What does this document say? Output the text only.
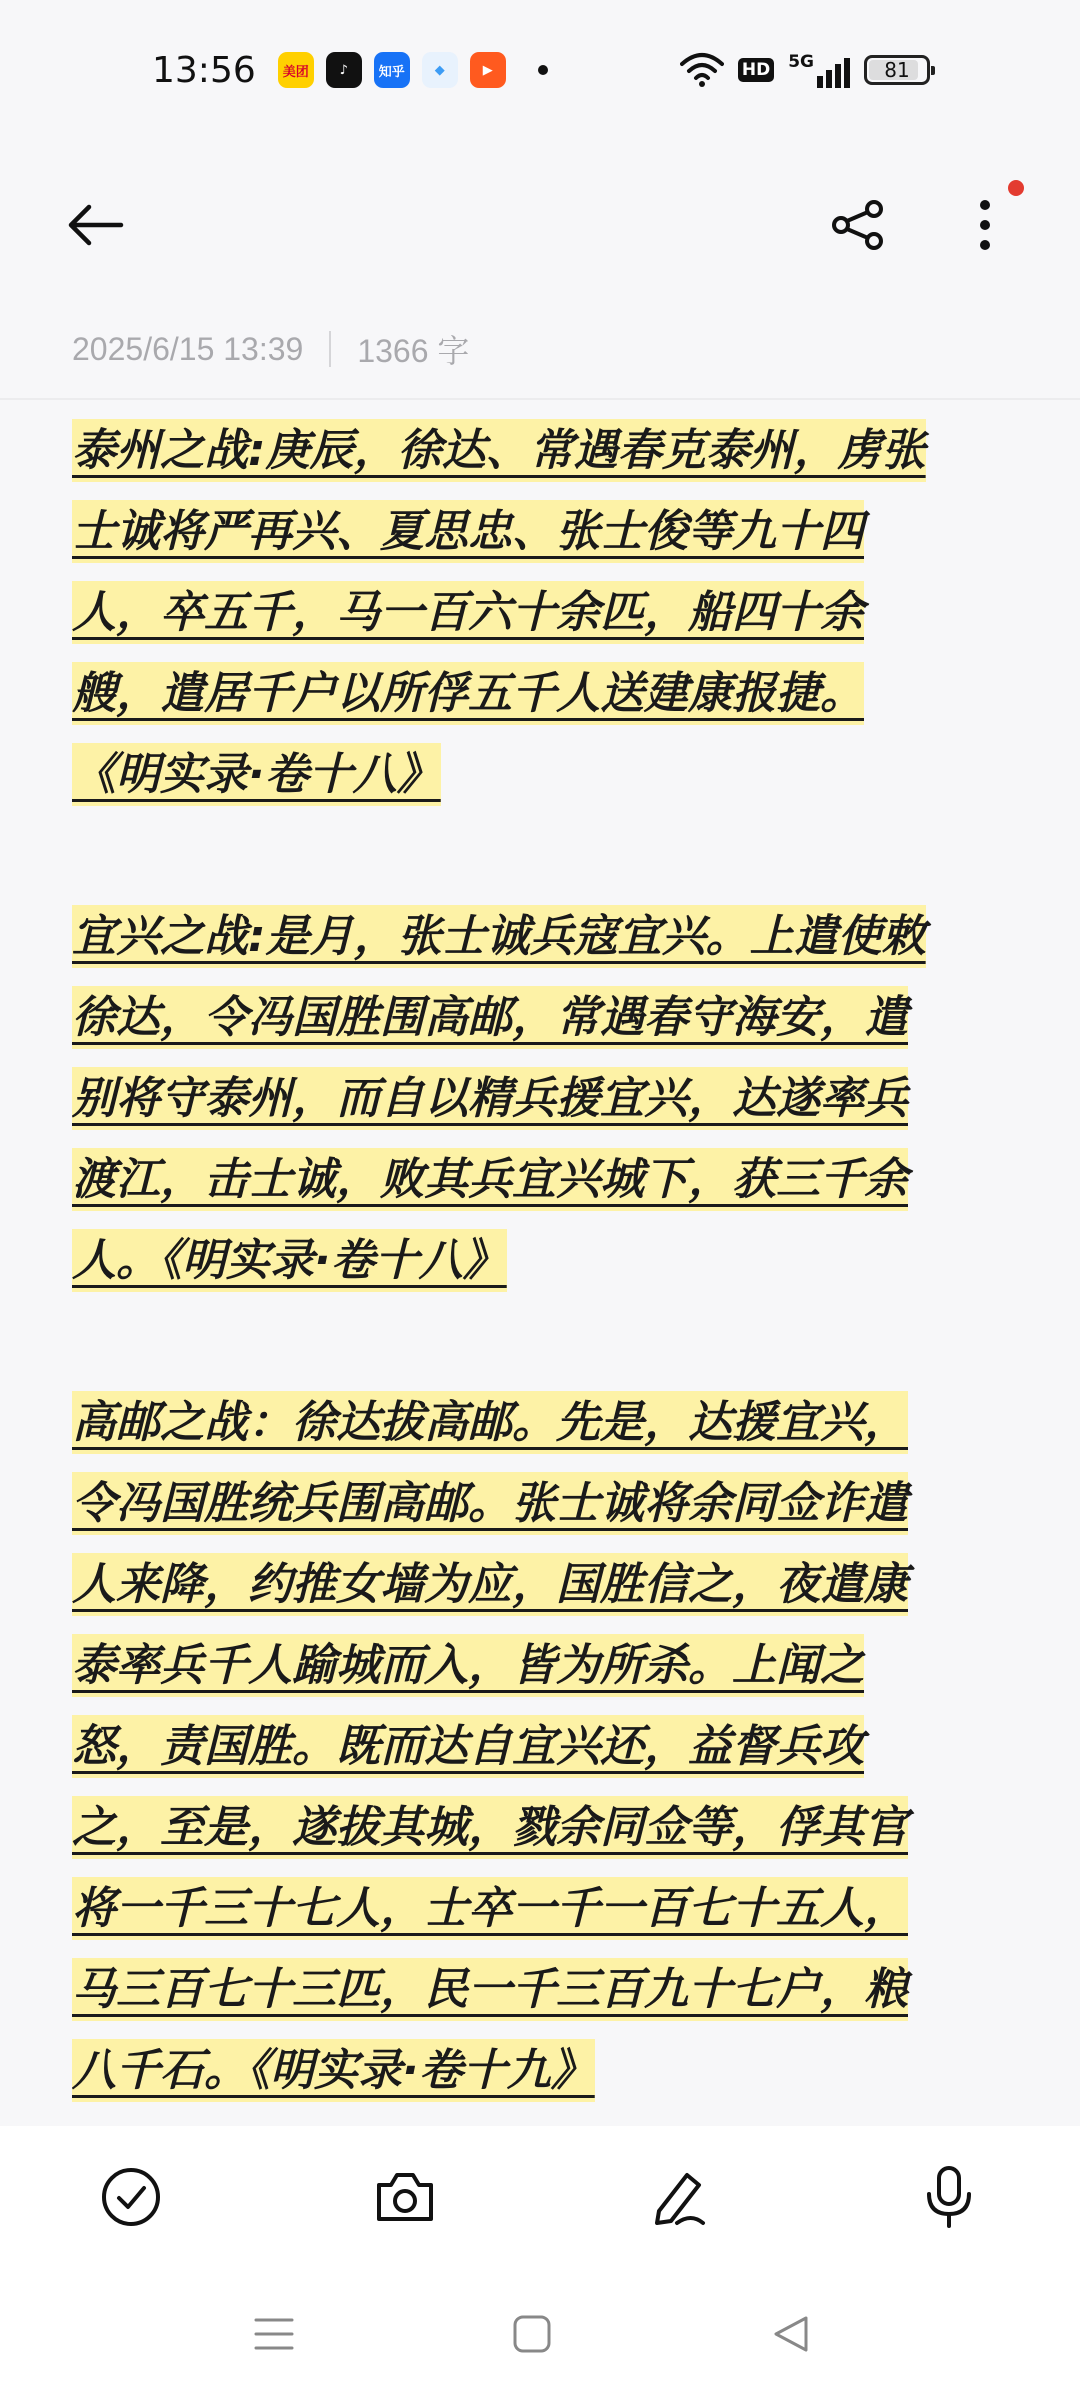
13:56	美团	♪	知乎	◆	▶	HD 5G	81
2025/6/15 13:39 1366 字

泰州之战:庚辰，徐达、常遇春克泰州，虏张
士诚将严再兴、夏思忠、张士俊等九十四
人，卒五千，马一百六十余匹，船四十余
艘，遣居千户以所俘五千人送建康报捷。
《明实录·卷十八》

宜兴之战:是月，张士诚兵寇宜兴。上遣使敕
徐达，令冯国胜围高邮，常遇春守海安，遣
别将守泰州，而自以精兵援宜兴，达遂率兵
渡江，击士诚，败其兵宜兴城下，获三千余
人。《明实录·卷十八》

高邮之战：徐达拔高邮。先是，达援宜兴，
令冯国胜统兵围高邮。张士诚将余同佥诈遣
人来降，约推女墙为应，国胜信之，夜遣康
泰率兵千人踰城而入，皆为所杀。上闻之
怒，责国胜。既而达自宜兴还，益督兵攻
之，至是，遂拔其城，戮余同佥等，俘其官
将一千三十七人，士卒一千一百七十五人，
马三百七十三匹，民一千三百九十七户，粮
八千石。《明实录·卷十九》
